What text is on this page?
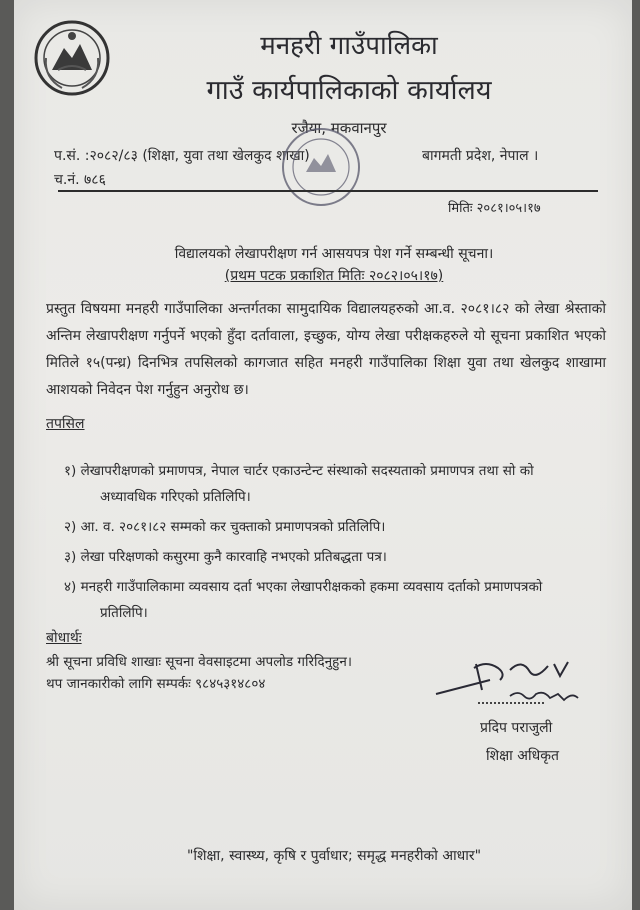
मनहरी गाउँपालिका
गाउँ कार्यपालिकाको कार्यालय
रजैया, मकवानपुर
प.सं. :२०८२/८३ (शिक्षा, युवा तथा खेलकुद शाखा)	बागमती प्रदेश, नेपाल ।
च.नं. ७८६
मितिः २०८१।०५।१७
विद्यालयको लेखापरीक्षण गर्न आसयपत्र पेश गर्ने सम्बन्धी सूचना।
(प्रथम पटक प्रकाशित मितिः २०८२।०५।१७)
प्रस्तुत विषयमा मनहरी गाउँपालिका अन्तर्गतका सामुदायिक विद्यालयहरुको आ.व. २०८१।८२ को लेखा श्रेस्ताको अन्तिम लेखापरीक्षण गर्नुपर्ने भएको हुँदा दर्तावाला, इच्छुक, योग्य लेखा परीक्षकहरुले यो सूचना प्रकाशित भएको मितिले १५(पन्ध्र) दिनभित्र तपसिलको कागजात सहित मनहरी गाउँपालिका शिक्षा युवा तथा खेलकुद शाखामा आशयको निवेदन पेश गर्नुहुन अनुरोध छ।
तपसिल
१) लेखापरीक्षणको प्रमाणपत्र, नेपाल चार्टर एकाउन्टेन्ट संस्थाको सदस्यताको प्रमाणपत्र तथा सो को अध्यावधिक गरिएको प्रतिलिपि।
२) आ. व. २०८१।८२ सम्मको कर चुक्ताको प्रमाणपत्रको प्रतिलिपि।
३) लेखा परिक्षणको कसुरमा कुनै कारवाहि नभएको प्रतिबद्धता पत्र।
४) मनहरी गाउँपालिकामा व्यवसाय दर्ता भएका लेखापरीक्षकको हकमा व्यवसाय दर्ताको प्रमाणपत्रको प्रतिलिपि।
बोधार्थः
श्री सूचना प्रविधि शाखाः सूचना वेवसाइटमा अपलोड गरिदिनुहुन।
थप जानकारीको लागि सम्पर्कः ९८४५३१४८०४
प्रदिप पराजुली
शिक्षा अधिकृत
"शिक्षा, स्वास्थ्य, कृषि र पुर्वाधार; समृद्ध मनहरीको आधार"
